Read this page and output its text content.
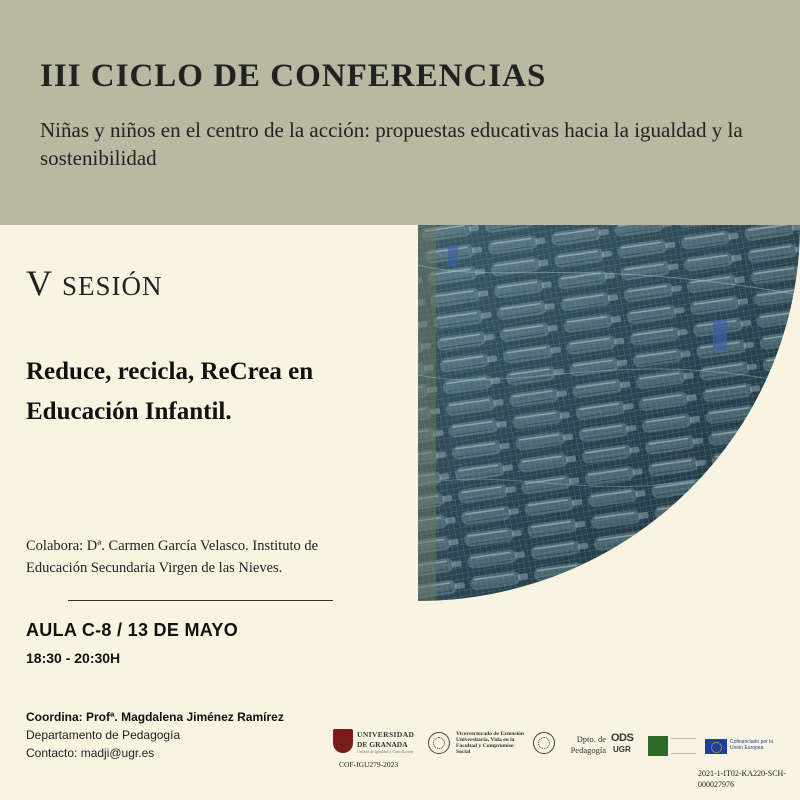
III CICLO DE CONFERENCIAS

Niñas y niños en el centro de la acción: propuestas educativas hacia la igualdad y la sostenibilidad

V SESIÓN
Reduce, recicla, ReCrea en
Educación Infantil.

Colabora: Dª. Carmen García Velasco. Instituto de Educación Secundaria Virgen de las Nieves.

AULA C-8 / 13 DE MAYO
18:30 - 20:30H
Coordina: Profª. Magdalena Jiménez Ramírez
Departamento de Pedagogía
Contacto: madji@ugr.es
UNIVERSIDAD
DE GRANADA
Unidad de Igualdad y Conciliación
COF-IGU279-2023
Vicerrectorado de Extensión Universitaria, Vida en la Facultad y Compromiso Social
Dpto. de
Pedagogía
ODS
UGR
Cofinanciado por la Unión Europea
2021-1-IT02-KA220-SCH-000027976
